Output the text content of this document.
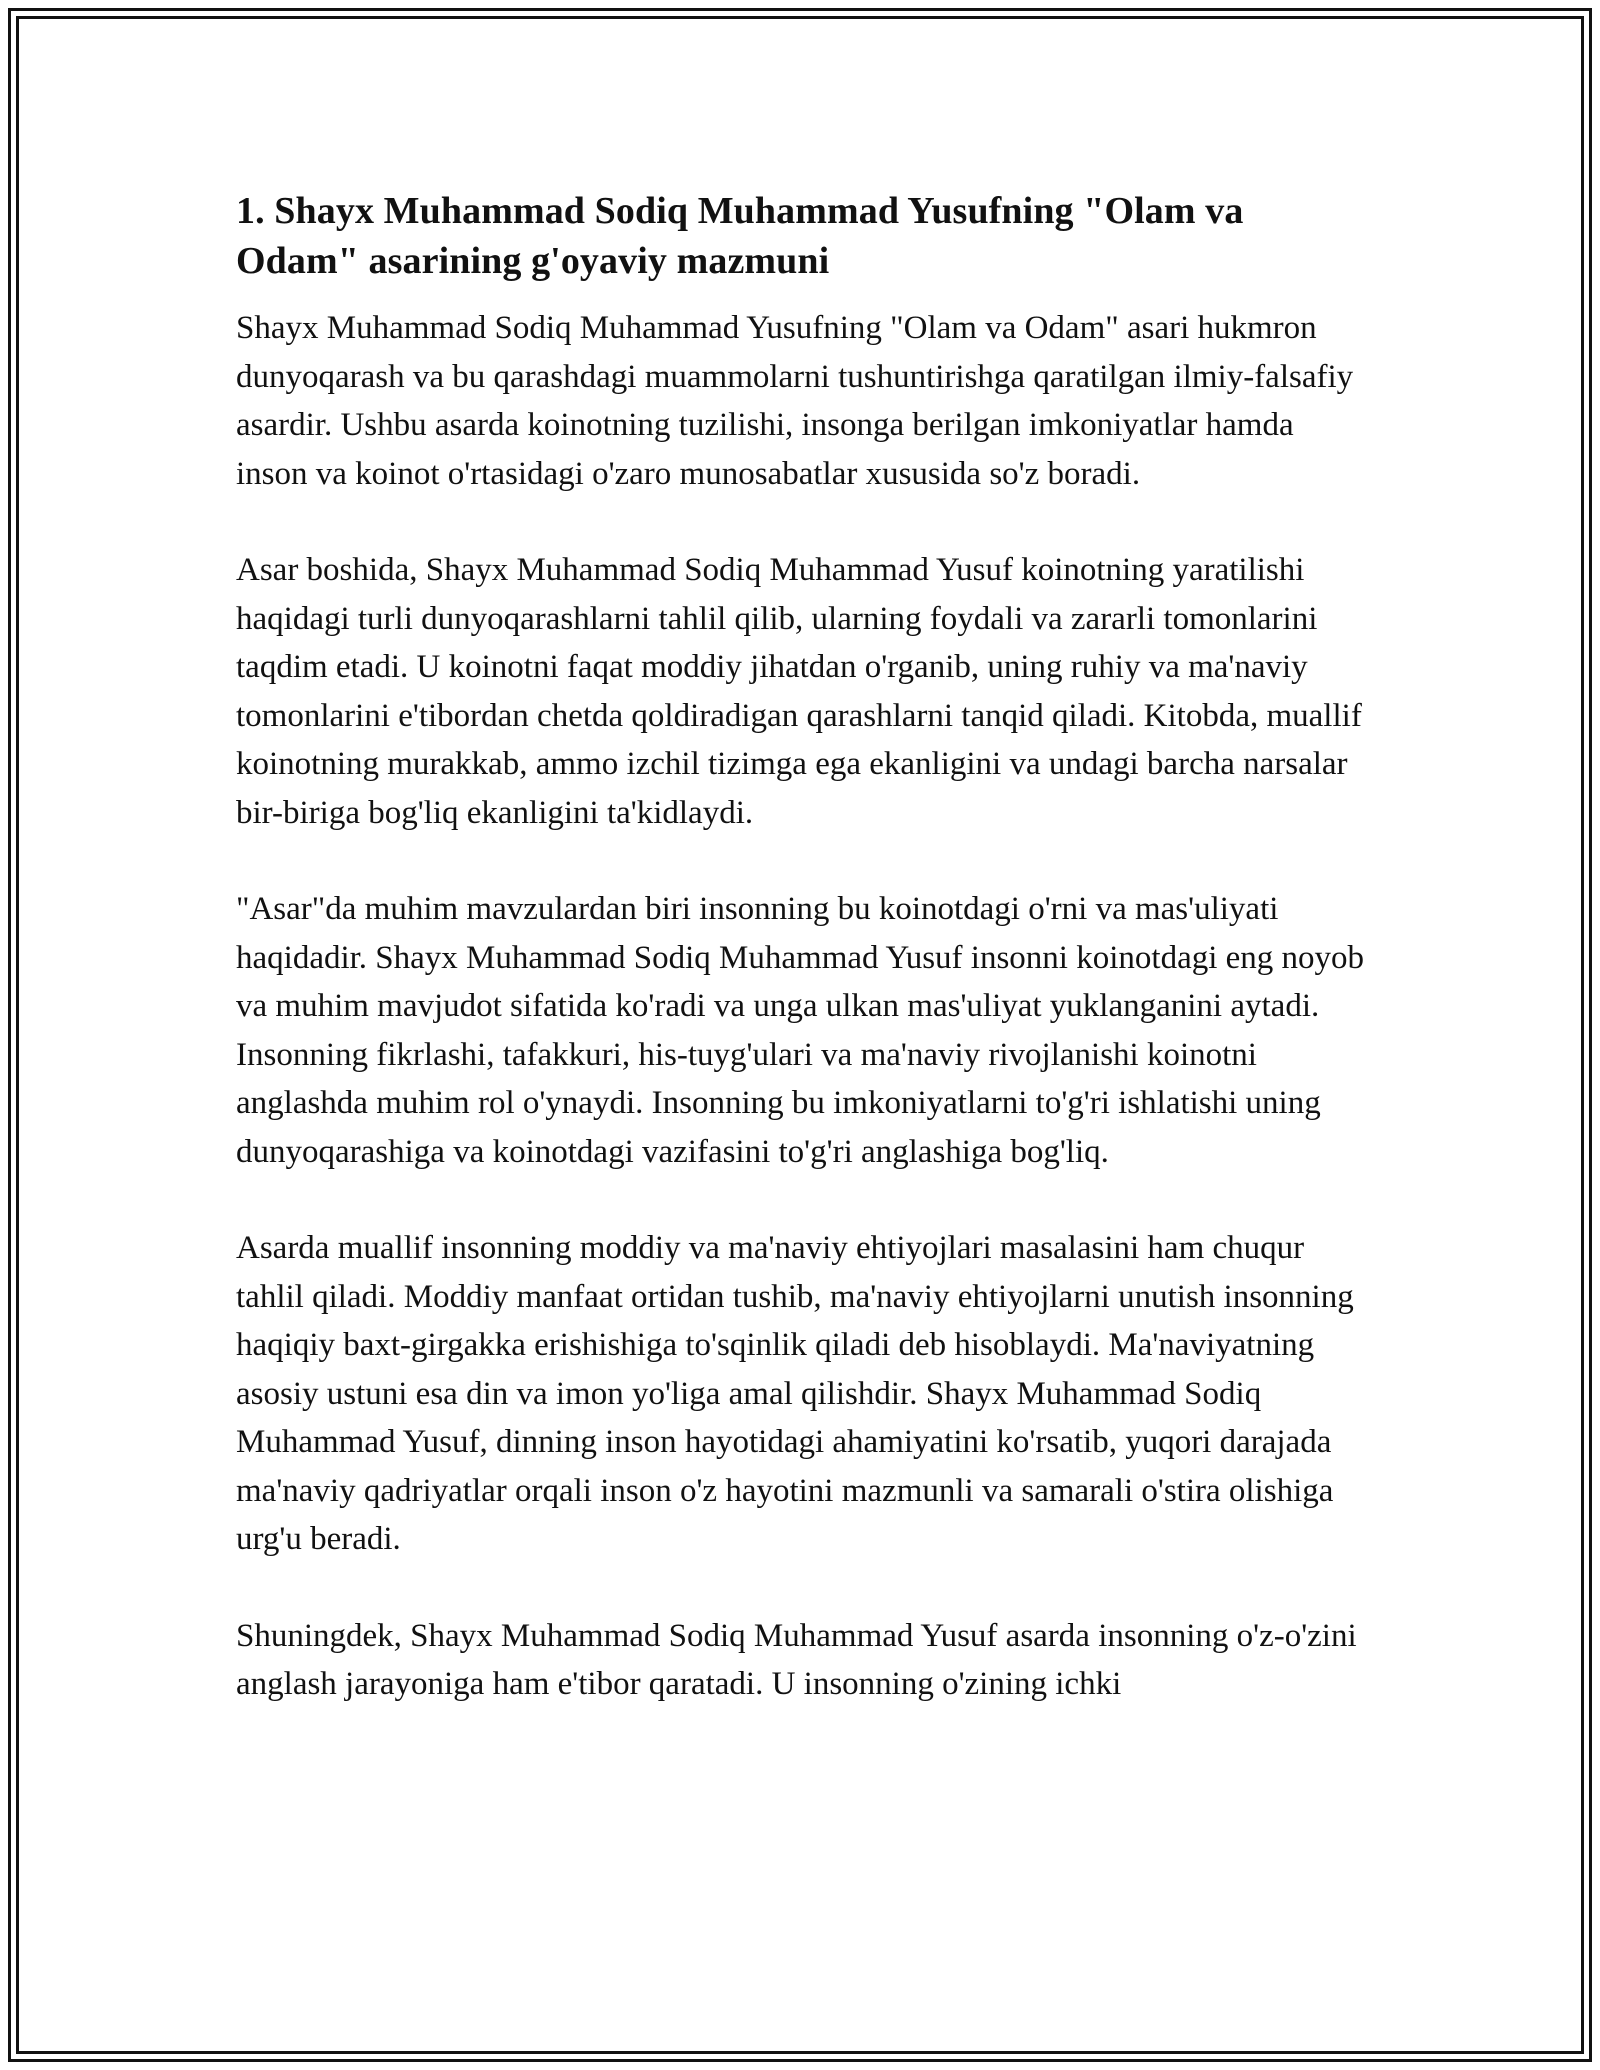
1. Shayx Muhammad Sodiq Muhammad Yusufning "Olam va Odam" asarining g'oyaviy mazmuni

Shayx Muhammad Sodiq Muhammad Yusufning "Olam va Odam" asari hukmron dunyoqarash va bu qarashdagi muammolarni tushuntirishga qaratilgan ilmiy-falsafiy asardir. Ushbu asarda koinotning tuzilishi, insonga berilgan imkoniyatlar hamda inson va koinot o'rtasidagi o'zaro munosabatlar xususida so'z boradi.

Asar boshida, Shayx Muhammad Sodiq Muhammad Yusuf koinotning yaratilishi haqidagi turli dunyoqarashlarni tahlil qilib, ularning foydali va zararli tomonlarini taqdim etadi. U koinotni faqat moddiy jihatdan o'rganib, uning ruhiy va ma'naviy tomonlarini e'tibordan chetda qoldiradigan qarashlarni tanqid qiladi. Kitobda, muallif koinotning murakkab, ammo izchil tizimga ega ekanligini va undagi barcha narsalar bir-biriga bog'liq ekanligini ta'kidlaydi.

"Asar"da muhim mavzulardan biri insonning bu koinotdagi o'rni va mas'uliyati haqidadir. Shayx Muhammad Sodiq Muhammad Yusuf insonni koinotdagi eng noyob va muhim mavjudot sifatida ko'radi va unga ulkan mas'uliyat yuklanganini aytadi. Insonning fikrlashi, tafakkuri, his-tuyg'ulari va ma'naviy rivojlanishi koinotni anglashda muhim rol o'ynaydi. Insonning bu imkoniyatlarni to'g'ri ishlatishi uning dunyoqarashiga va koinotdagi vazifasini to'g'ri anglashiga bog'liq.

Asarda muallif insonning moddiy va ma'naviy ehtiyojlari masalasini ham chuqur tahlil qiladi. Moddiy manfaat ortidan tushib, ma'naviy ehtiyojlarni unutish insonning haqiqiy baxt-girgakka erishishiga to'sqinlik qiladi deb hisoblaydi. Ma'naviyatning asosiy ustuni esa din va imon yo'liga amal qilishdir. Shayx Muhammad Sodiq Muhammad Yusuf, dinning inson hayotidagi ahamiyatini ko'rsatib, yuqori darajada ma'naviy qadriyatlar orqali inson o'z hayotini mazmunli va samarali o'stira olishiga urg'u beradi.

Shuningdek, Shayx Muhammad Sodiq Muhammad Yusuf asarda insonning o'z-o'zini anglash jarayoniga ham e'tibor qaratadi. U insonning o'zining ichki
